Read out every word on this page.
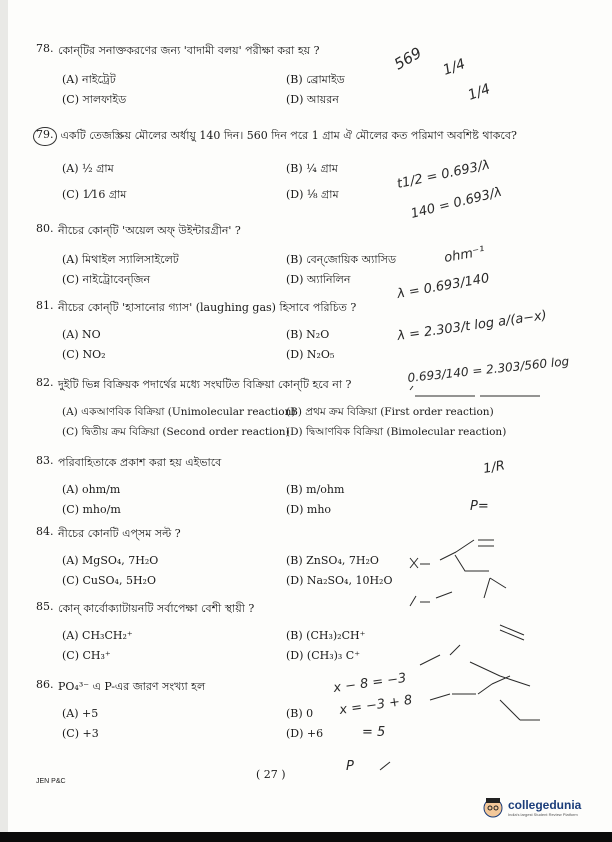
78. কোন্‌টির সনাক্তকরণের জন্য 'বাদামী বলয়' পরীক্ষা করা হয় ?
(A) নাইট্রেট	(B) ব্রোমাইড
(C) সালফাইড	(D) আয়রন
79. একটি তেজস্ক্রিয় মৌলের অর্ধায়ু 140 দিন। 560 দিন পরে 1 গ্রাম ঐ মৌলের কত পরিমাণ অবশিষ্ট থাকবে?
(A) ½ গ্রাম	(B) ¼ গ্রাম
(C) 1⁄16 গ্রাম	(D) ⅛ গ্রাম
80. নীচের কোন্‌টি 'অয়েল অফ্‌ উইন্টারগ্রীন' ?
(A) মিথাইল স্যালিসাইলেট	(B) বেন্‌জোয়িক অ্যাসিড
(C) নাইট্রোবেন্‌জিন	(D) অ্যানিলিন
81. নীচের কোন্‌টি 'হাসানোর গ্যাস' (laughing gas) হিসাবে পরিচিত ?
(A) NO	(B) N₂O
(C) NO₂	(D) N₂O₅
82. দুইটি ভিন্ন বিক্রিয়ক পদার্থের মধ্যে সংঘটিত বিক্রিয়া কোন্‌টি হবে না ?
(A) একআণবিক বিক্রিয়া (Unimolecular reaction)
(B) প্রথম ক্রম বিক্রিয়া (First order reaction)
(C) দ্বিতীয় ক্রম বিক্রিয়া (Second order reaction)
(D) দ্বিআণবিক বিক্রিয়া (Bimolecular reaction)
83. পরিবাহিতাকে প্রকাশ করা হয় এইভাবে
(A) ohm/m	(B) m/ohm
(C) mho/m	(D) mho
84. নীচের কোনটি এপ্‌সম সল্ট ?
(A) MgSO₄, 7H₂O	(B) ZnSO₄, 7H₂O
(C) CuSO₄, 5H₂O	(D) Na₂SO₄, 10H₂O
85. কোন্‌ কার্বোক্যাটায়নটি সর্বাপেক্ষা বেশী স্থায়ী ?
(A) CH₃CH₂⁺	(B) (CH₃)₂CH⁺
(C) CH₃⁺	(D) (CH₃)₃ C⁺
86. PO₄³⁻ এ P-এর জারণ সংখ্যা হল
(A) +5	(B) 0
(C) +3	(D) +6
569 1/4
1/4
t1/2 = 0.693/λ
140 = 0.693/λ
ohm⁻¹
λ = 0.693/140
λ = 2.303/t log a/(a−x)
0.693/140 = 2.303/560 log
1/R
P=
x − 8 = −3
x = −3 + 8
= 5
P
JEN P&C
( 27 )
collegedunia
India's largest Student Review Platform
